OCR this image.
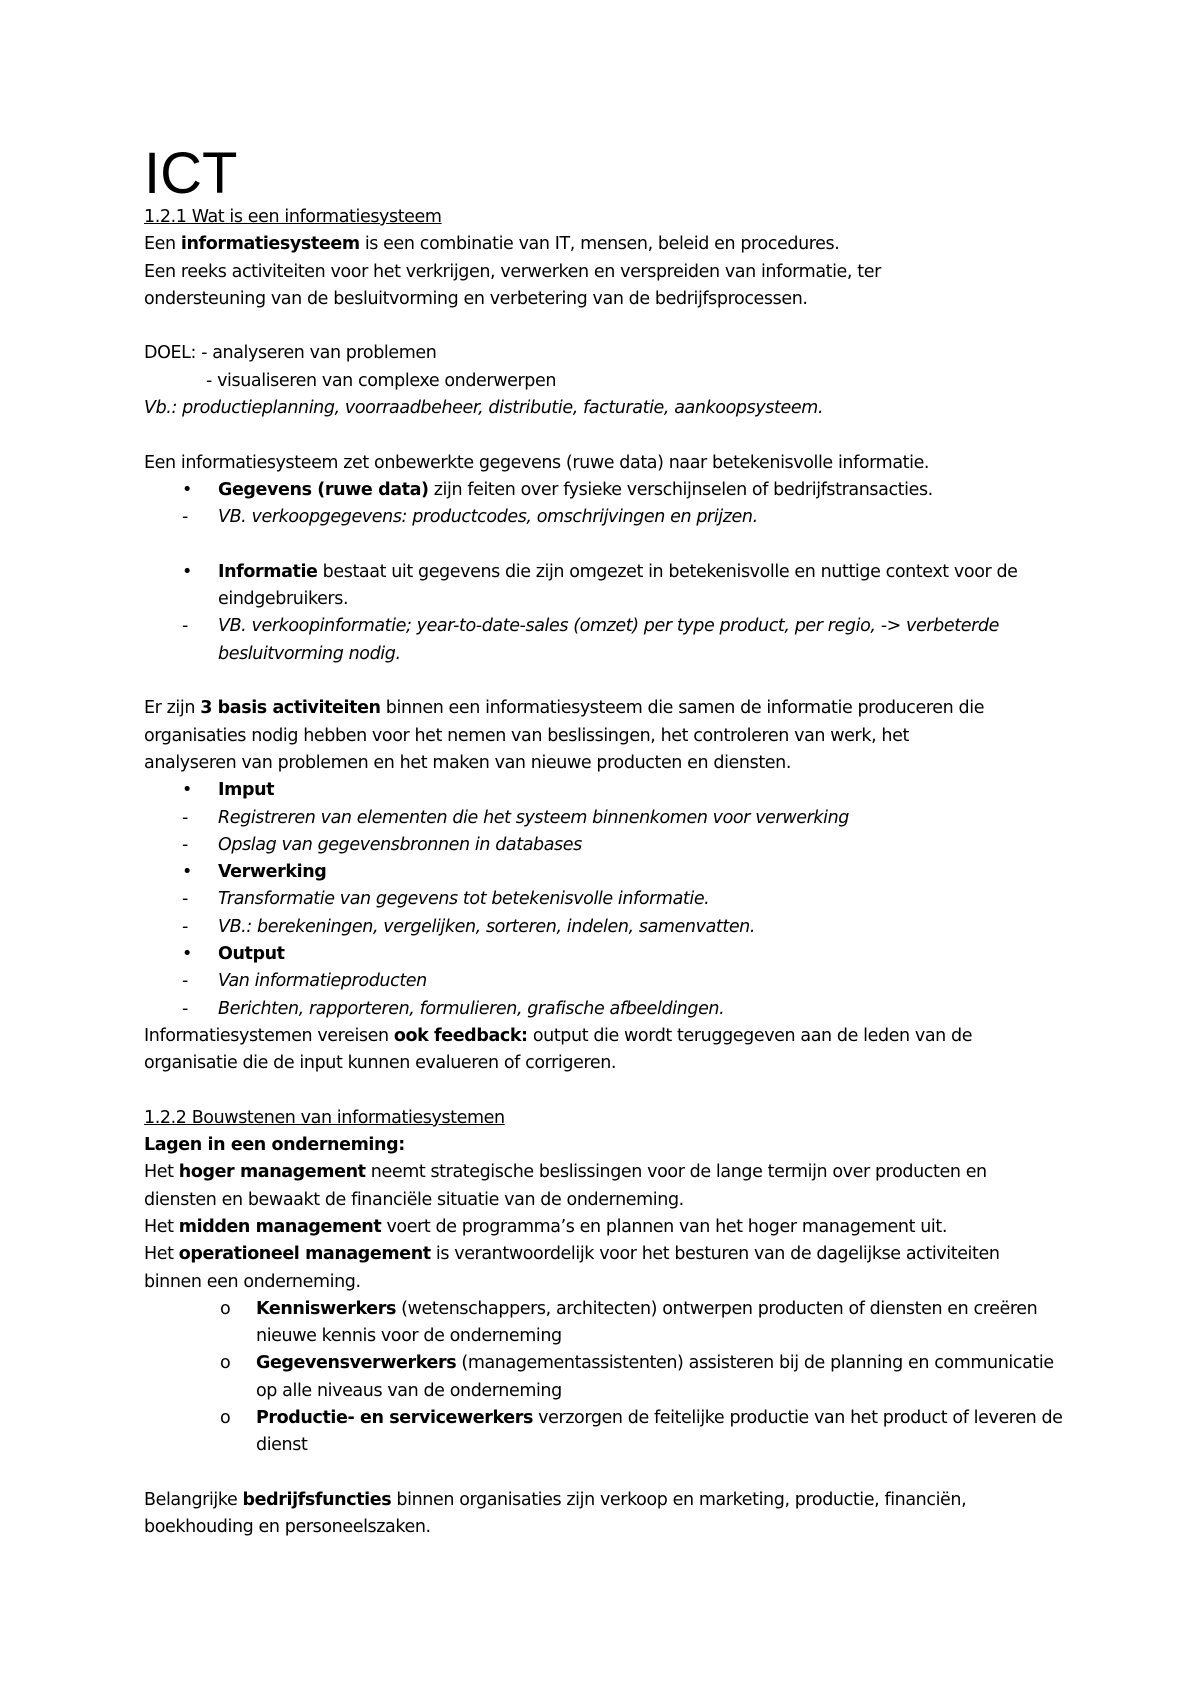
ICT
1.2.1 Wat is een informatiesysteem
Een informatiesysteem is een combinatie van IT, mensen, beleid en procedures.
Een reeks activiteiten voor het verkrijgen, verwerken en verspreiden van informatie, ter
ondersteuning van de besluitvorming en verbetering van de bedrijfsprocessen.
DOEL: - analyseren van problemen
- visualiseren van complexe onderwerpen
Vb.: productieplanning, voorraadbeheer, distributie, facturatie, aankoopsysteem.
Een informatiesysteem zet onbewerkte gegevens (ruwe data) naar betekenisvolle informatie.
•	Gegevens (ruwe data) zijn feiten over fysieke verschijnselen of bedrijfstransacties.
-	VB. verkoopgegevens: productcodes, omschrijvingen en prijzen.
•	Informatie bestaat uit gegevens die zijn omgezet in betekenisvolle en nuttige context voor de eindgebruikers.
-	VB. verkoopinformatie; year-to-date-sales (omzet) per type product, per regio, -> verbeterde besluitvorming nodig.
Er zijn 3 basis activiteiten binnen een informatiesysteem die samen de informatie produceren die
organisaties nodig hebben voor het nemen van beslissingen, het controleren van werk, het
analyseren van problemen en het maken van nieuwe producten en diensten.
•	Imput
-	Registreren van elementen die het systeem binnenkomen voor verwerking
-	Opslag van gegevensbronnen in databases
•	Verwerking
-	Transformatie van gegevens tot betekenisvolle informatie.
-	VB.: berekeningen, vergelijken, sorteren, indelen, samenvatten.
•	Output
-	Van informatieproducten
-	Berichten, rapporteren, formulieren, grafische afbeeldingen.
Informatiesystemen vereisen ook feedback: output die wordt teruggegeven aan de leden van de
organisatie die de input kunnen evalueren of corrigeren.
1.2.2 Bouwstenen van informatiesystemen
Lagen in een onderneming:
Het hoger management neemt strategische beslissingen voor de lange termijn over producten en
diensten en bewaakt de financiële situatie van de onderneming.
Het midden management voert de programma’s en plannen van het hoger management uit.
Het operationeel management is verantwoordelijk voor het besturen van de dagelijkse activiteiten
binnen een onderneming.
o	Kenniswerkers (wetenschappers, architecten) ontwerpen producten of diensten en creëren nieuwe kennis voor de onderneming
o	Gegevensverwerkers (managementassistenten) assisteren bij de planning en communicatie op alle niveaus van de onderneming
o	Productie- en servicewerkers verzorgen de feitelijke productie van het product of leveren de dienst
Belangrijke bedrijfsfuncties binnen organisaties zijn verkoop en marketing, productie, financiën,
boekhouding en personeelszaken.
